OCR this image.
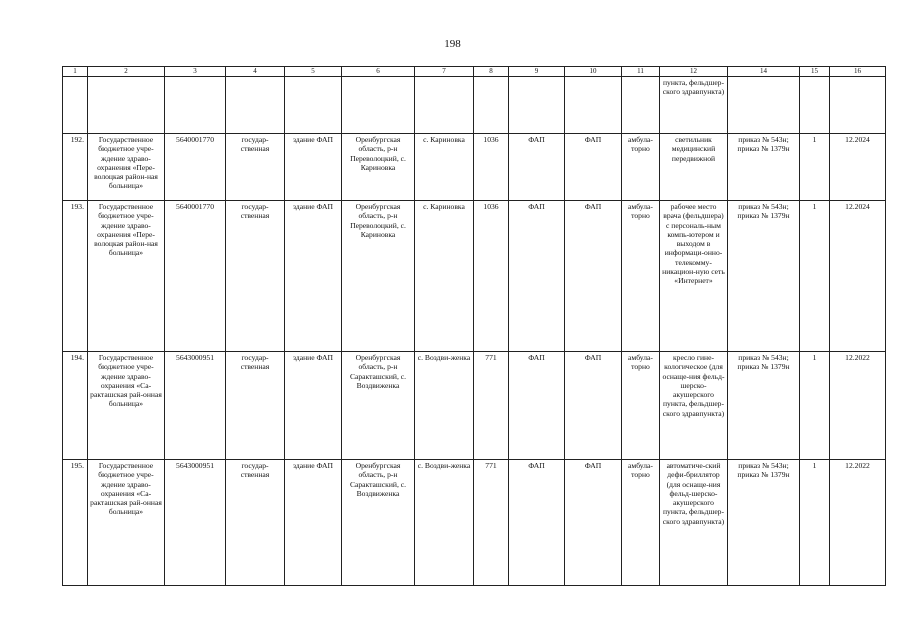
198
1	2	3	4	5	6	7	8	9	10	11	12	14	15	16
											пункта, фельдшер-ского здравпункта)			
192.	Государственное бюджетное учре-ждение здраво-охранения «Пере-волоцкая район-ная больница»	5640001770	государ-ственная	здание ФАП	Оренбургская область, р-н Переволоцкий, с. Кариновка	с. Кариновка	1036	ФАП	ФАП	амбула-торно	светильник медицинский передвижной	приказ № 543н; приказ № 1379н	1	12.2024
193.	Государственное бюджетное учре-ждение здраво-охранения «Пере-волоцкая район-ная больница»	5640001770	государ-ственная	здание ФАП	Оренбургская область, р-н Переволоцкий, с. Кариновка	с. Кариновка	1036	ФАП	ФАП	амбула-торно	рабочее место врача (фельдшера) с персональ-ным компь-ютером и выходом в информаци-онно-телекомму-никацион-ную сеть «Интернет»	приказ № 543н; приказ № 1379н	1	12.2024
194.	Государственное бюджетное учре-ждение здраво-охранения «Са-ракташская рай-онная больница»	5643000951	государ-ственная	здание ФАП	Оренбургская область, р-н Саракташский, с. Воздвиженка	с. Воздви-женка	771	ФАП	ФАП	амбула-торно	кресло гине-кологическое (для оснаще-ния фельд-шерско-акушерского пункта, фельдшер-ского здравпункта)	приказ № 543н; приказ № 1379н	1	12.2022
195.	Государственное бюджетное учре-ждение здраво-охранения «Са-ракташская рай-онная больница»	5643000951	государ-ственная	здание ФАП	Оренбургская область, р-н Саракташский, с. Воздвиженка	с. Воздви-женка	771	ФАП	ФАП	амбула-торно	автоматиче-ский дефи-бриллятор (для оснаще-ния фельд-шерско-акушерского пункта, фельдшер-ского здравпункта)	приказ № 543н; приказ № 1379н	1	12.2022
